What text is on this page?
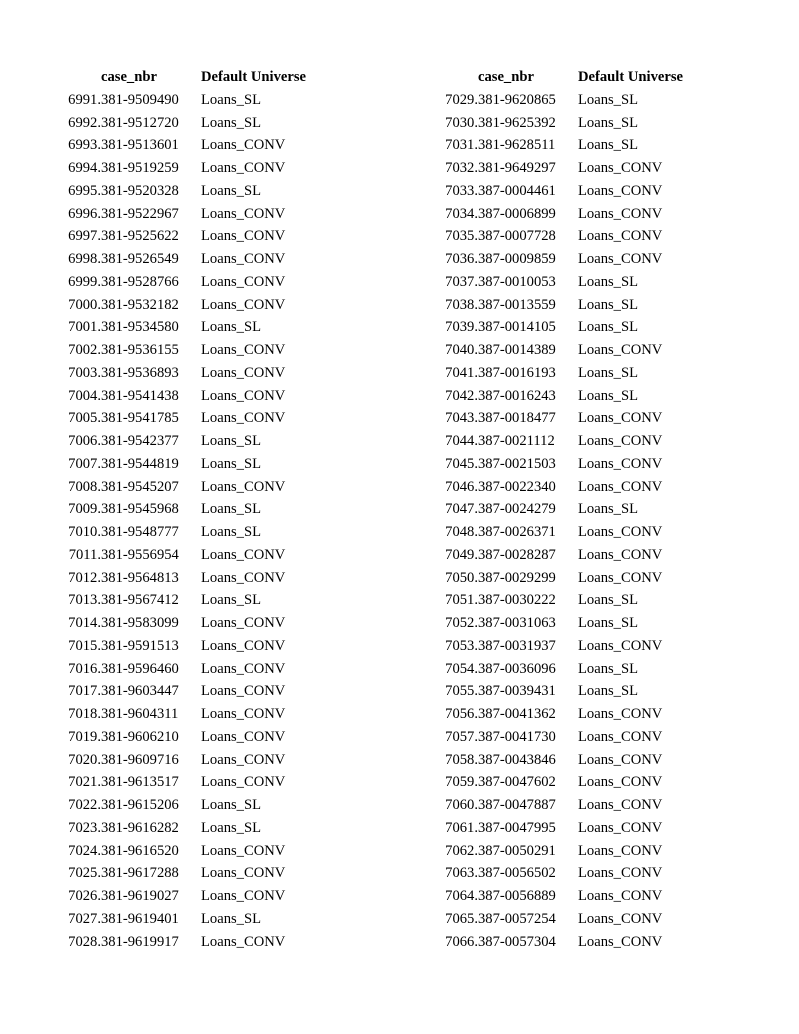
case_nbr	Default Universe
6991. 381-9509490	Loans_SL
6992. 381-9512720	Loans_SL
6993. 381-9513601	Loans_CONV
6994. 381-9519259	Loans_CONV
6995. 381-9520328	Loans_SL
6996. 381-9522967	Loans_CONV
6997. 381-9525622	Loans_CONV
6998. 381-9526549	Loans_CONV
6999. 381-9528766	Loans_CONV
7000. 381-9532182	Loans_CONV
7001. 381-9534580	Loans_SL
7002. 381-9536155	Loans_CONV
7003. 381-9536893	Loans_CONV
7004. 381-9541438	Loans_CONV
7005. 381-9541785	Loans_CONV
7006. 381-9542377	Loans_SL
7007. 381-9544819	Loans_SL
7008. 381-9545207	Loans_CONV
7009. 381-9545968	Loans_SL
7010. 381-9548777	Loans_SL
7011. 381-9556954	Loans_CONV
7012. 381-9564813	Loans_CONV
7013. 381-9567412	Loans_SL
7014. 381-9583099	Loans_CONV
7015. 381-9591513	Loans_CONV
7016. 381-9596460	Loans_CONV
7017. 381-9603447	Loans_CONV
7018. 381-9604311	Loans_CONV
7019. 381-9606210	Loans_CONV
7020. 381-9609716	Loans_CONV
7021. 381-9613517	Loans_CONV
7022. 381-9615206	Loans_SL
7023. 381-9616282	Loans_SL
7024. 381-9616520	Loans_CONV
7025. 381-9617288	Loans_CONV
7026. 381-9619027	Loans_CONV
7027. 381-9619401	Loans_SL
7028. 381-9619917	Loans_CONV
case_nbr	Default Universe
7029. 381-9620865	Loans_SL
7030. 381-9625392	Loans_SL
7031. 381-9628511	Loans_SL
7032. 381-9649297	Loans_CONV
7033. 387-0004461	Loans_CONV
7034. 387-0006899	Loans_CONV
7035. 387-0007728	Loans_CONV
7036. 387-0009859	Loans_CONV
7037. 387-0010053	Loans_SL
7038. 387-0013559	Loans_SL
7039. 387-0014105	Loans_SL
7040. 387-0014389	Loans_CONV
7041. 387-0016193	Loans_SL
7042. 387-0016243	Loans_SL
7043. 387-0018477	Loans_CONV
7044. 387-0021112	Loans_CONV
7045. 387-0021503	Loans_CONV
7046. 387-0022340	Loans_CONV
7047. 387-0024279	Loans_SL
7048. 387-0026371	Loans_CONV
7049. 387-0028287	Loans_CONV
7050. 387-0029299	Loans_CONV
7051. 387-0030222	Loans_SL
7052. 387-0031063	Loans_SL
7053. 387-0031937	Loans_CONV
7054. 387-0036096	Loans_SL
7055. 387-0039431	Loans_SL
7056. 387-0041362	Loans_CONV
7057. 387-0041730	Loans_CONV
7058. 387-0043846	Loans_CONV
7059. 387-0047602	Loans_CONV
7060. 387-0047887	Loans_CONV
7061. 387-0047995	Loans_CONV
7062. 387-0050291	Loans_CONV
7063. 387-0056502	Loans_CONV
7064. 387-0056889	Loans_CONV
7065. 387-0057254	Loans_CONV
7066. 387-0057304	Loans_CONV
